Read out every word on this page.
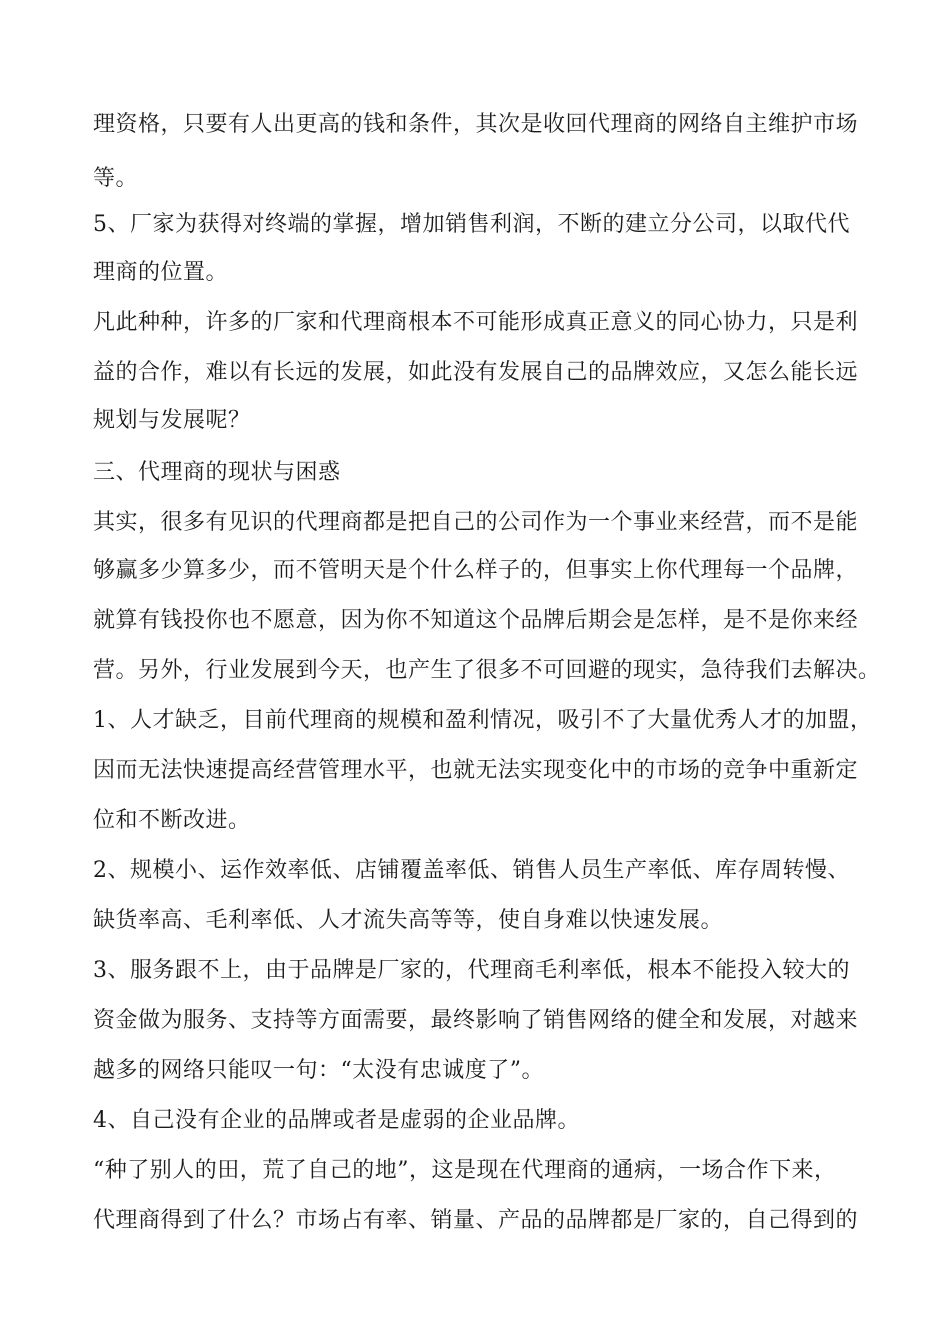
理资格，只要有人出更高的钱和条件，其次是收回代理商的网络自主维护市场
等。
5、厂家为获得对终端的掌握，增加销售利润，不断的建立分公司，以取代代
理商的位置。
凡此种种，许多的厂家和代理商根本不可能形成真正意义的同心协力，只是利
益的合作，难以有长远的发展，如此没有发展自己的品牌效应，又怎么能长远
规划与发展呢？
三、代理商的现状与困惑
其实，很多有见识的代理商都是把自己的公司作为一个事业来经营，而不是能
够赢多少算多少，而不管明天是个什么样子的，但事实上你代理每一个品牌，
就算有钱投你也不愿意，因为你不知道这个品牌后期会是怎样，是不是你来经
营。另外，行业发展到今天，也产生了很多不可回避的现实，急待我们去解决。
1、人才缺乏，目前代理商的规模和盈利情况，吸引不了大量优秀人才的加盟，
因而无法快速提高经营管理水平，也就无法实现变化中的市场的竞争中重新定
位和不断改进。
2、规模小、运作效率低、店铺覆盖率低、销售人员生产率低、库存周转慢、
缺货率高、毛利率低、人才流失高等等，使自身难以快速发展。
3、服务跟不上，由于品牌是厂家的，代理商毛利率低，根本不能投入较大的
资金做为服务、支持等方面需要，最终影响了销售网络的健全和发展，对越来
越多的网络只能叹一句：“太没有忠诚度了”。
4、自己没有企业的品牌或者是虚弱的企业品牌。
“种了别人的田，荒了自己的地”，这是现在代理商的通病，一场合作下来，
代理商得到了什么？市场占有率、销量、产品的品牌都是厂家的，自己得到的
